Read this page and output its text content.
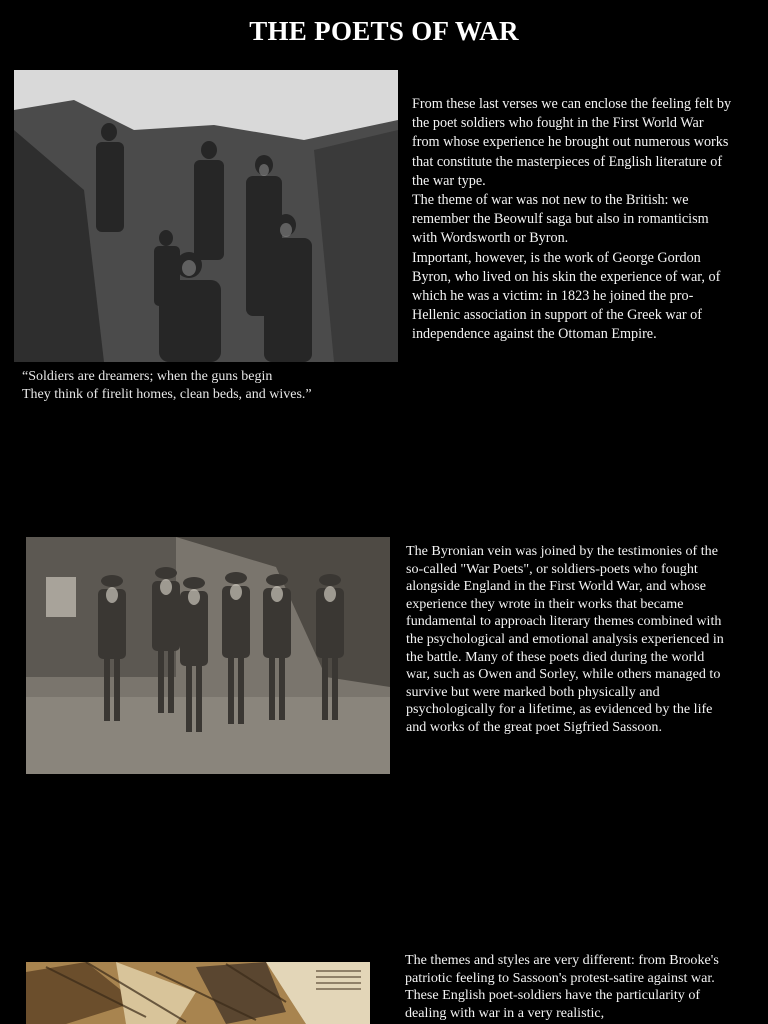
THE POETS OF WAR

From these last verses we can enclose the feeling felt by the poet soldiers who fought in the First World War from whose experience he brought out numerous works that constitute the masterpieces of English literature of the war type.

The theme of war was not new to the British: we remember the Beowulf saga but also in romanticism with Wordsworth or Byron.

Important, however, is the work of George Gordon Byron, who lived on his skin the experience of war, of which he was a victim: in 1823 he joined the pro-Hellenic association in support of the Greek war of independence against the Ottoman Empire.

“Soldiers are dreamers; when the guns begin
They think of firelit homes, clean beds, and wives.”

The Byronian vein was joined by the testimonies of the so-called "War Poets", or soldiers-poets who fought alongside England in the First World War, and whose experience they wrote in their works that became fundamental to approach literary themes combined with the psychological and emotional analysis experienced in the battle. Many of these poets died during the world war, such as Owen and Sorley, while others managed to survive but were marked both physically and psychologically for a lifetime, as evidenced by the life and works of the great poet Sigfried Sassoon.

The themes and styles are very different: from Brooke's patriotic feeling to Sassoon's protest-satire against war. These English poet-soldiers have the particularity of dealing with war in a very realistic,
